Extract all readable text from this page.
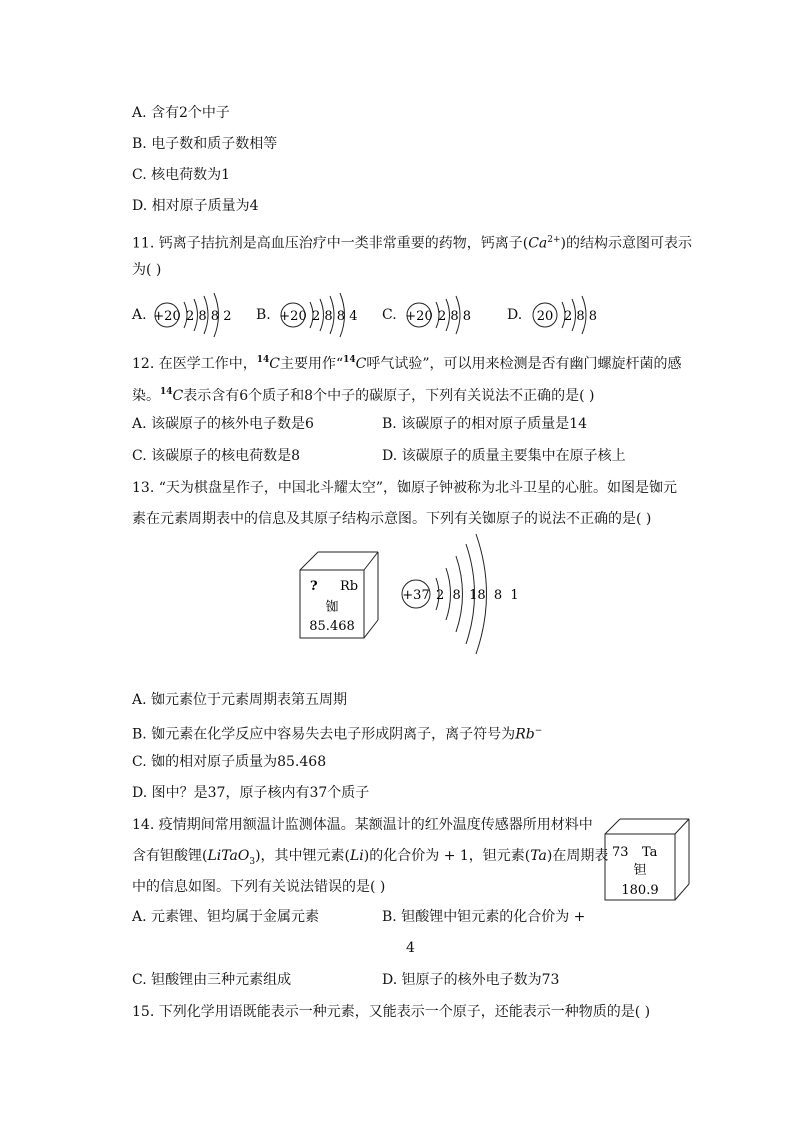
A. 含有2个中子
B. 电子数和质子数相等
C. 核电荷数为1
D. 相对原子质量为4
11. 钙离子拮抗剂是高血压治疗中一类非常重要的药物，钙离子$(Ca^{2+})$的结构示意图可表示
为( )
A.	B.	C.	D.
+20 2 8 8 2	+20 2 8 8 4	+20 2 8 8	20 2 8 8
12. 在医学工作中，$^{14}$C主要用作“$^{14}$C呼气试验”，可以用来检测是否有幽门螺旋杆菌的感
染。$^{14}$C表示含有6个质子和8个中子的碳原子，下列有关说法不正确的是( )
A. 该碳原子的核外电子数是6	B. 该碳原子的相对原子质量是14
C. 该碳原子的核电荷数是8	D. 该碳原子的质量主要集中在原子核上
13. “天为棋盘星作子，中国北斗耀太空”，铷原子钟被称为北斗卫星的心脏。如图是铷元
素在元素周期表中的信息及其原子结构示意图。下列有关铷原子的说法不正确的是( )
? Rb
铷
85.468
+37 2  8  18  8  1
A. 铷元素位于元素周期表第五周期
B. 铷元素在化学反应中容易失去电子形成阴离子，离子符号为Rb−
C. 铷的相对原子质量为85.468
D. 图中？是37，原子核内有37个质子
14. 疫情期间常用额温计监测体温。某额温计的红外温度传感器所用材料中
含有钽酸锂(LiTaO$_3$)，其中锂元素(Li)的化合价为 + 1，钽元素(Ta)在周期表
中的信息如图。下列有关说法错误的是( )
73 Ta
钽
180.9
A. 元素锂、钽均属于金属元素	B. 钽酸锂中钽元素的化合价为 +
4
C. 钽酸锂由三种元素组成	D. 钽原子的核外电子数为73
15. 下列化学用语既能表示一种元素，又能表示一个原子，还能表示一种物质的是( )
